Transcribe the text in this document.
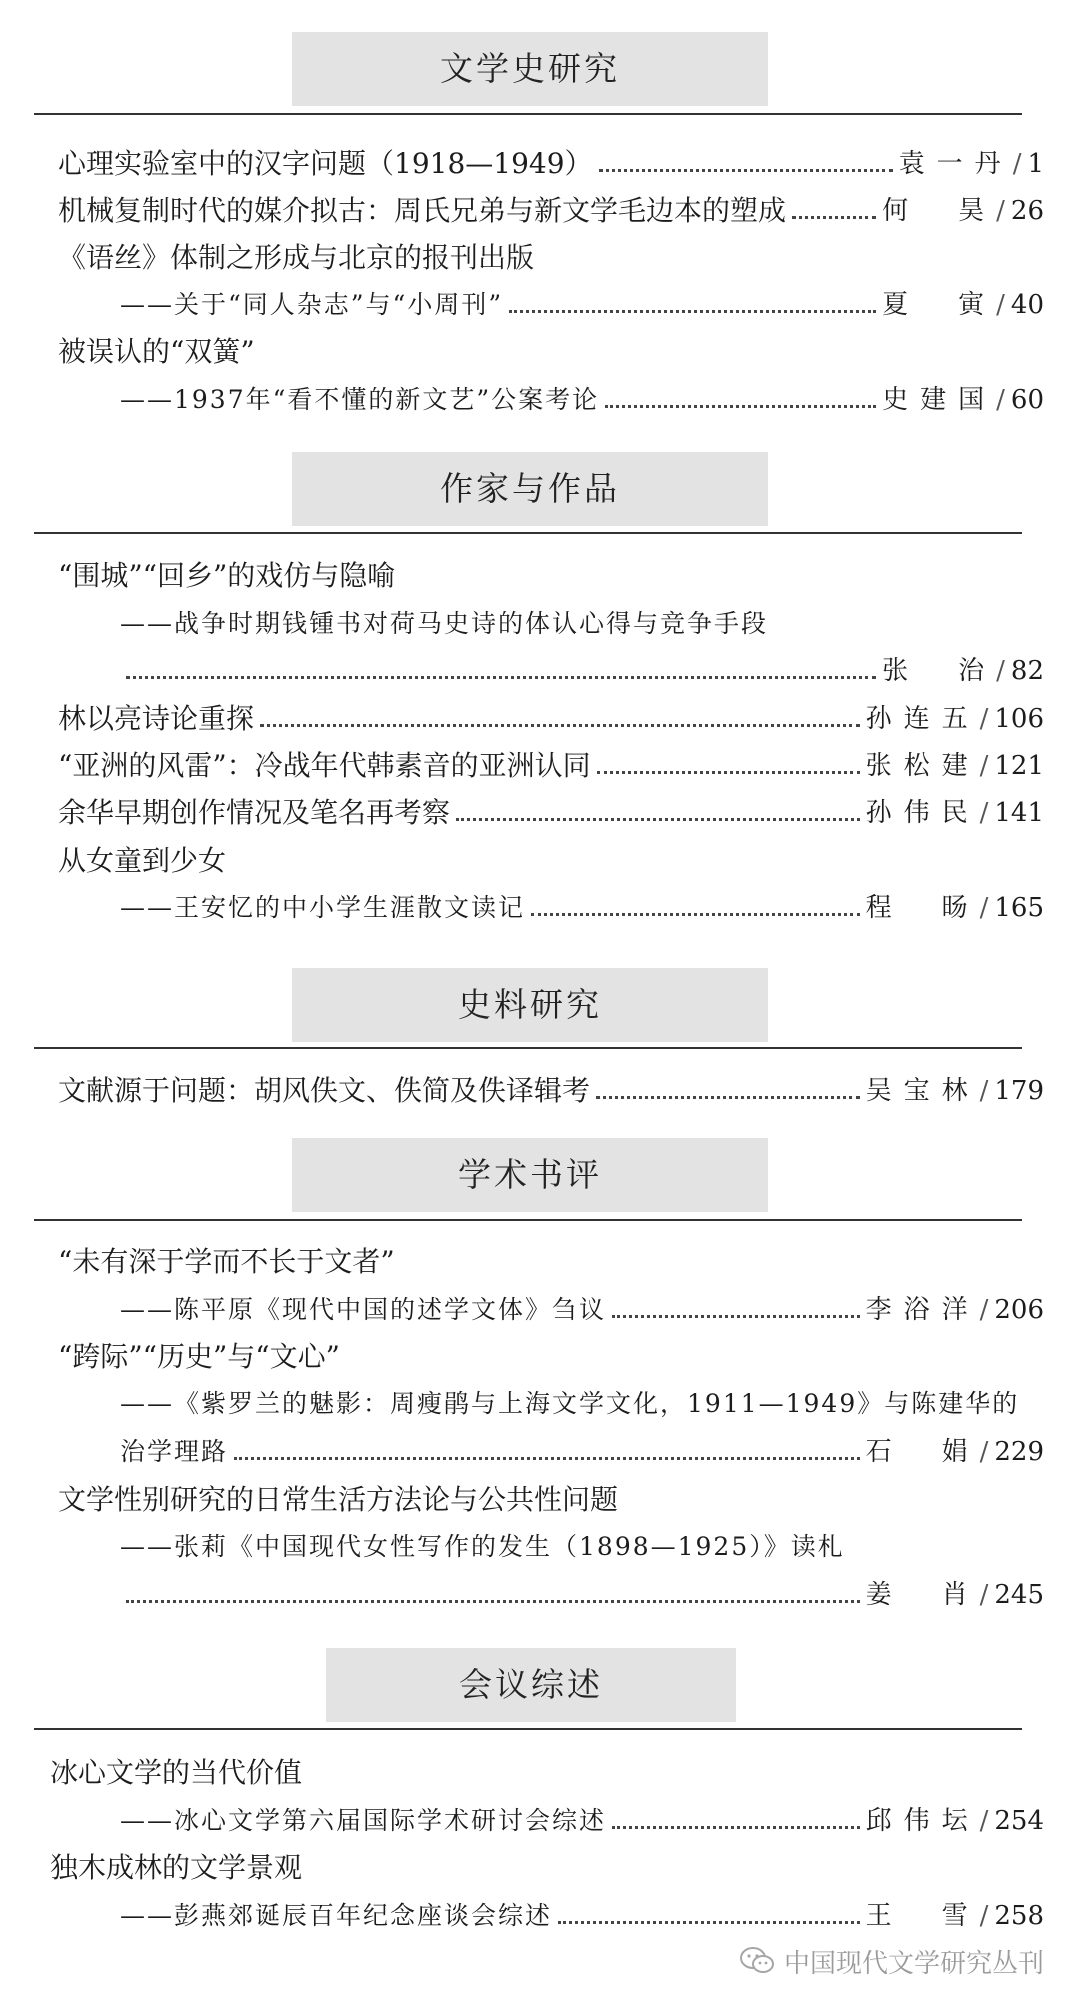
文学史研究
心理实验室中的汉字问题（1918—1949）	袁一丹 / 1
机械复制时代的媒介拟古：周氏兄弟与新文学毛边本的塑成	何　昊 / 26
《语丝》体制之形成与北京的报刊出版
——关于“同人杂志”与“小周刊”	夏　寅 / 40
被误认的“双簧”
——1937年“看不懂的新文艺”公案考论	史建国 / 60
作家与作品
“围城”“回乡”的戏仿与隐喻
——战争时期钱锺书对荷马史诗的体认心得与竞争手段
张　治 / 82
林以亮诗论重探	孙连五 / 106
“亚洲的风雷”：冷战年代韩素音的亚洲认同	张松建 / 121
余华早期创作情况及笔名再考察	孙伟民 / 141
从女童到少女
——王安忆的中小学生涯散文读记	程　旸 / 165
史料研究
文献源于问题：胡风佚文、佚简及佚译辑考	吴宝林 / 179
学术书评
“未有深于学而不长于文者”
——陈平原《现代中国的述学文体》刍议	李浴洋 / 206
“跨际”“历史”与“文心”
——《紫罗兰的魅影：周瘦鹃与上海文学文化，1911—1949》与陈建华的
治学理路	石　娟 / 229
文学性别研究的日常生活方法论与公共性问题
——张莉《中国现代女性写作的发生（1898—1925）》读札
姜　肖 / 245
会议综述
冰心文学的当代价值
——冰心文学第六届国际学术研讨会综述	邱伟坛 / 254
独木成林的文学景观
——彭燕郊诞辰百年纪念座谈会综述	王　雪 / 258
中国现代文学研究丛刊
